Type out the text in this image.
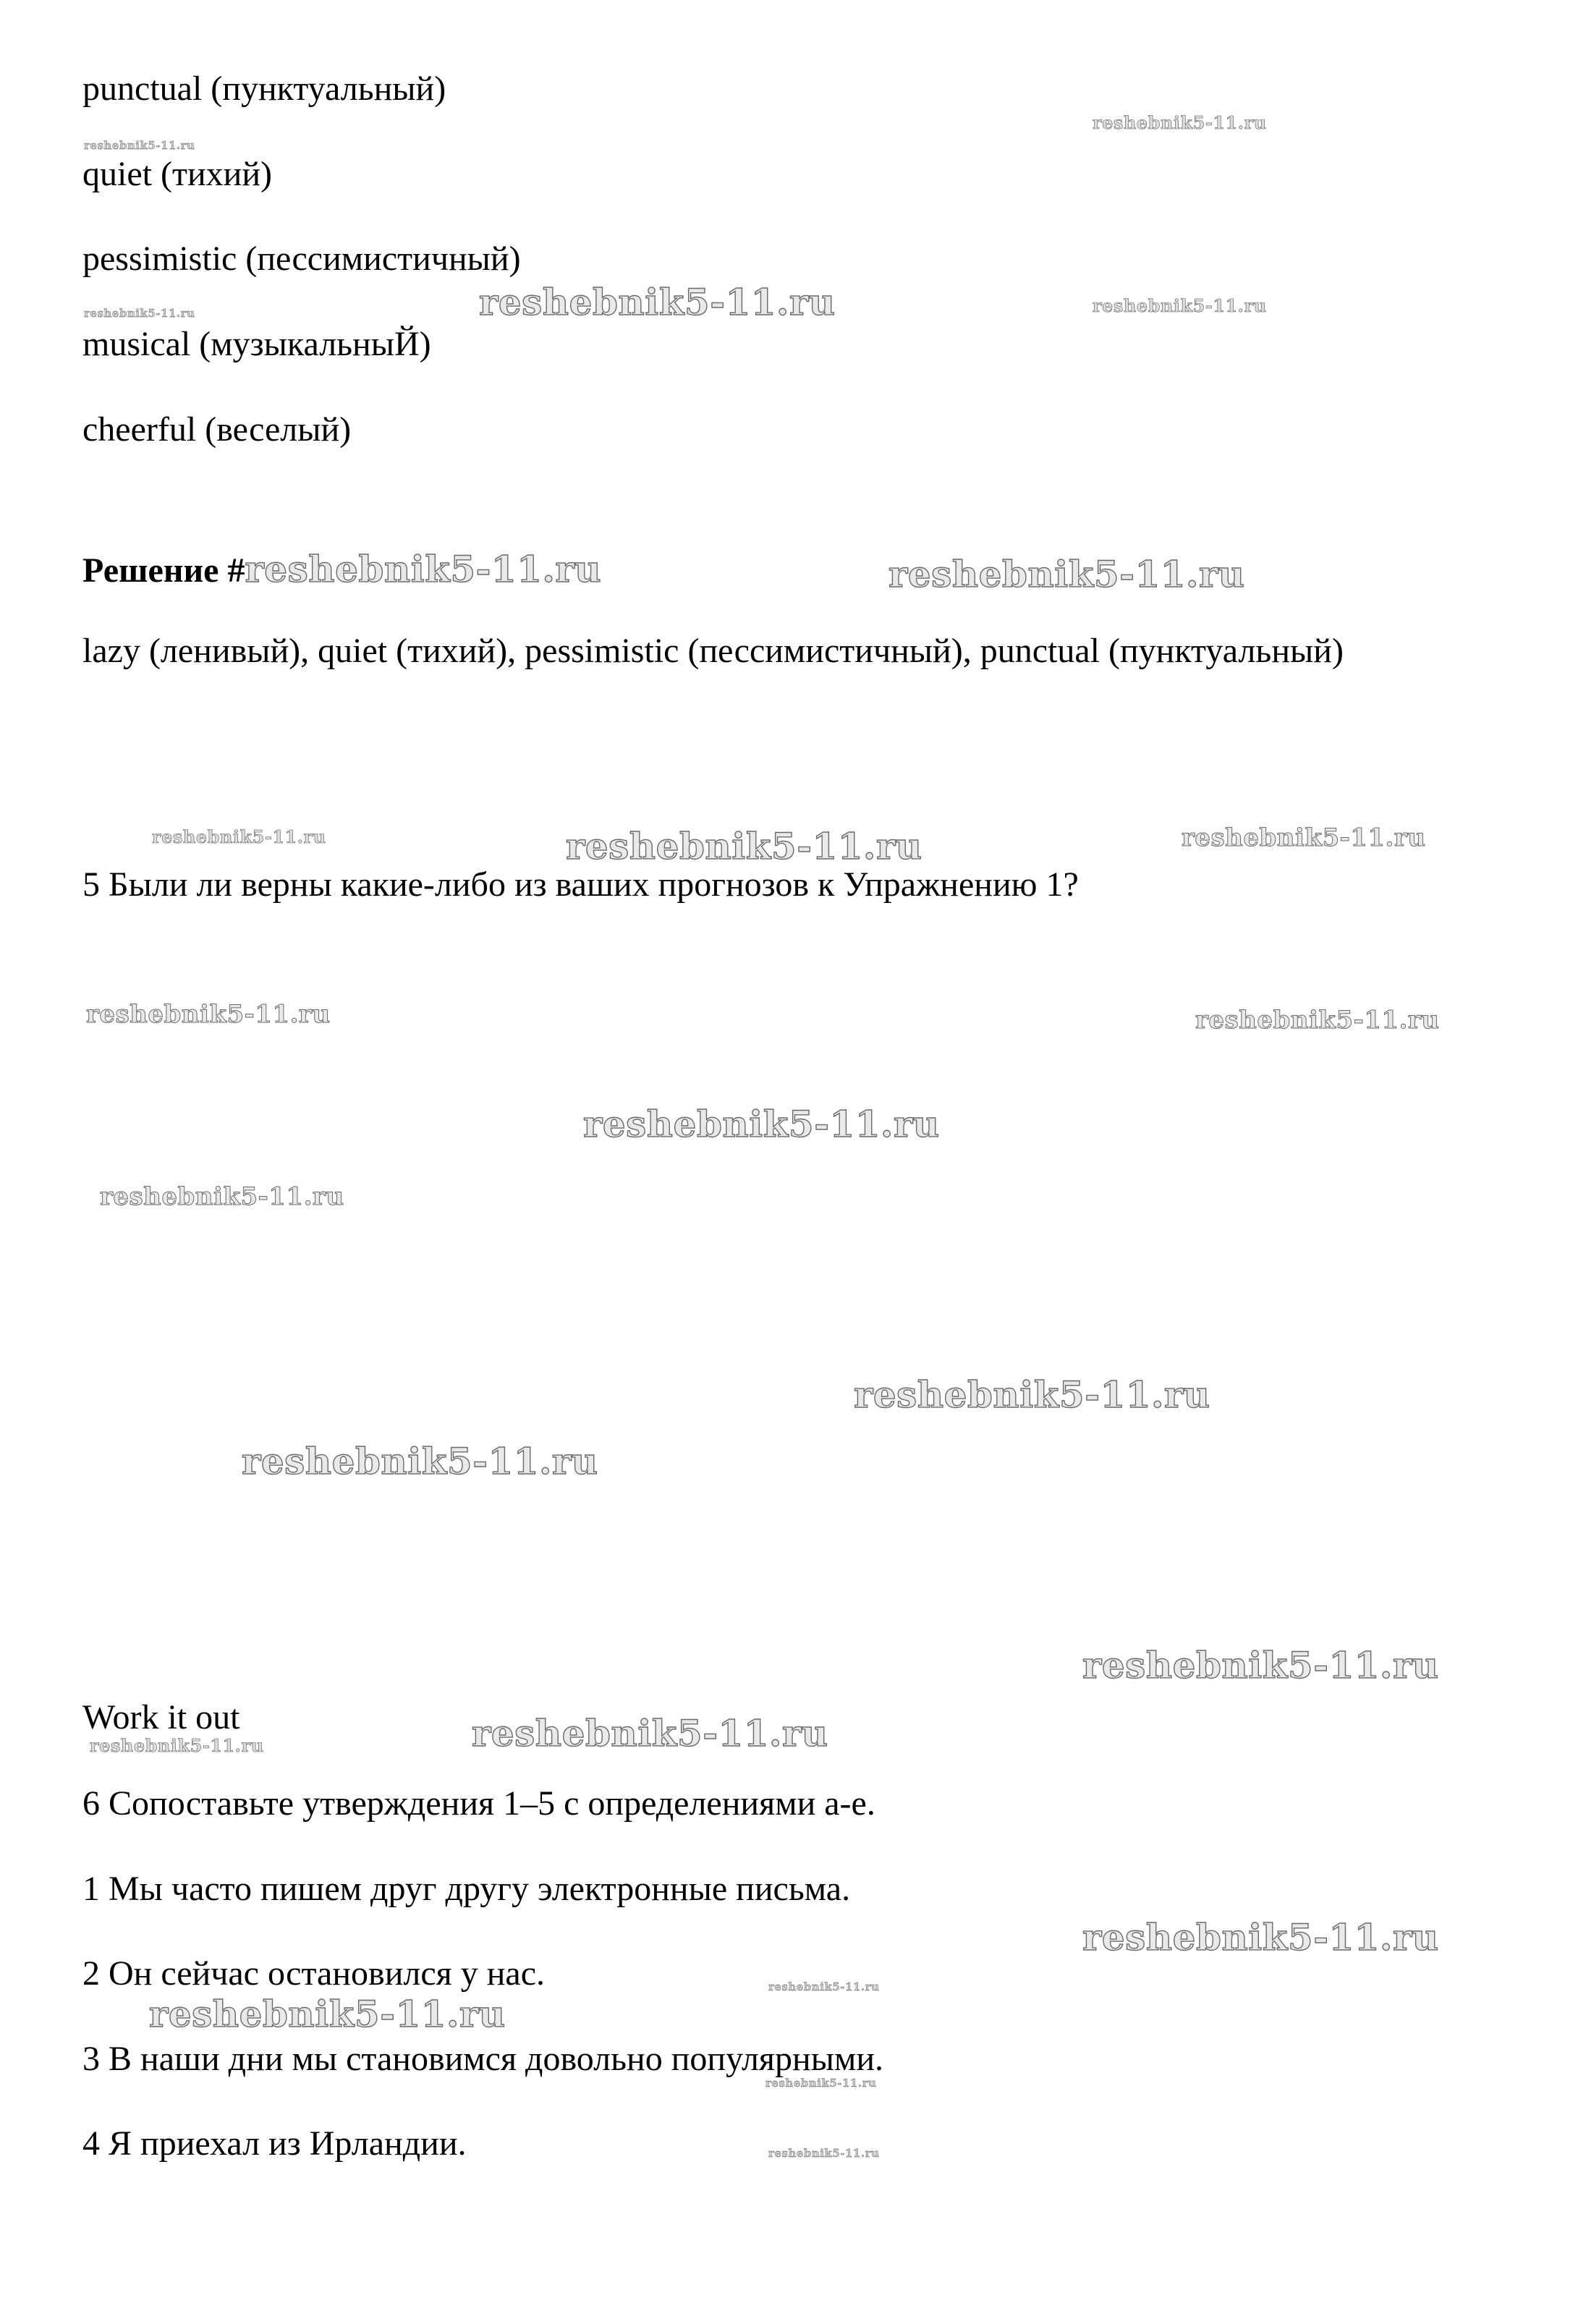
punctual (пунктуальный)
quiet (тихий)
pessimistic (пессимистичный)
musical (музыкальныЙ)
cheerful (веселый)
Решение #reshebnik5-11.ru
lazy (ленивый), quiet (тихий), pessimistic (пессимистичный), punctual (пунктуальный)
5 Были ли верны какие-либо из ваших прогнозов к Упражнению 1?
Work it out
6 Сопоставьте утверждения 1–5 с определениями a-e.
1 Мы часто пишем друг другу электронные письма.
2 Он сейчас остановился у нас.
3 В наши дни мы становимся довольно популярными.
4 Я приехал из Ирландии.
reshebnik5-11.ru
reshebnik5-11.ru
reshebnik5-11.ru	reshebnik5-11.ru
reshebnik5-11.ru
reshebnik5-11.ru
reshebnik5-11.ru	reshebnik5-11.ru	reshebnik5-11.ru
reshebnik5-11.ru	reshebnik5-11.ru
reshebnik5-11.ru
reshebnik5-11.ru
reshebnik5-11.ru
reshebnik5-11.ru
reshebnik5-11.ru
reshebnik5-11.ru
reshebnik5-11.ru
reshebnik5-11.ru
reshebnik5-11.ru
reshebnik5-11.ru
reshebnik5-11.ru
reshebnik5-11.ru
